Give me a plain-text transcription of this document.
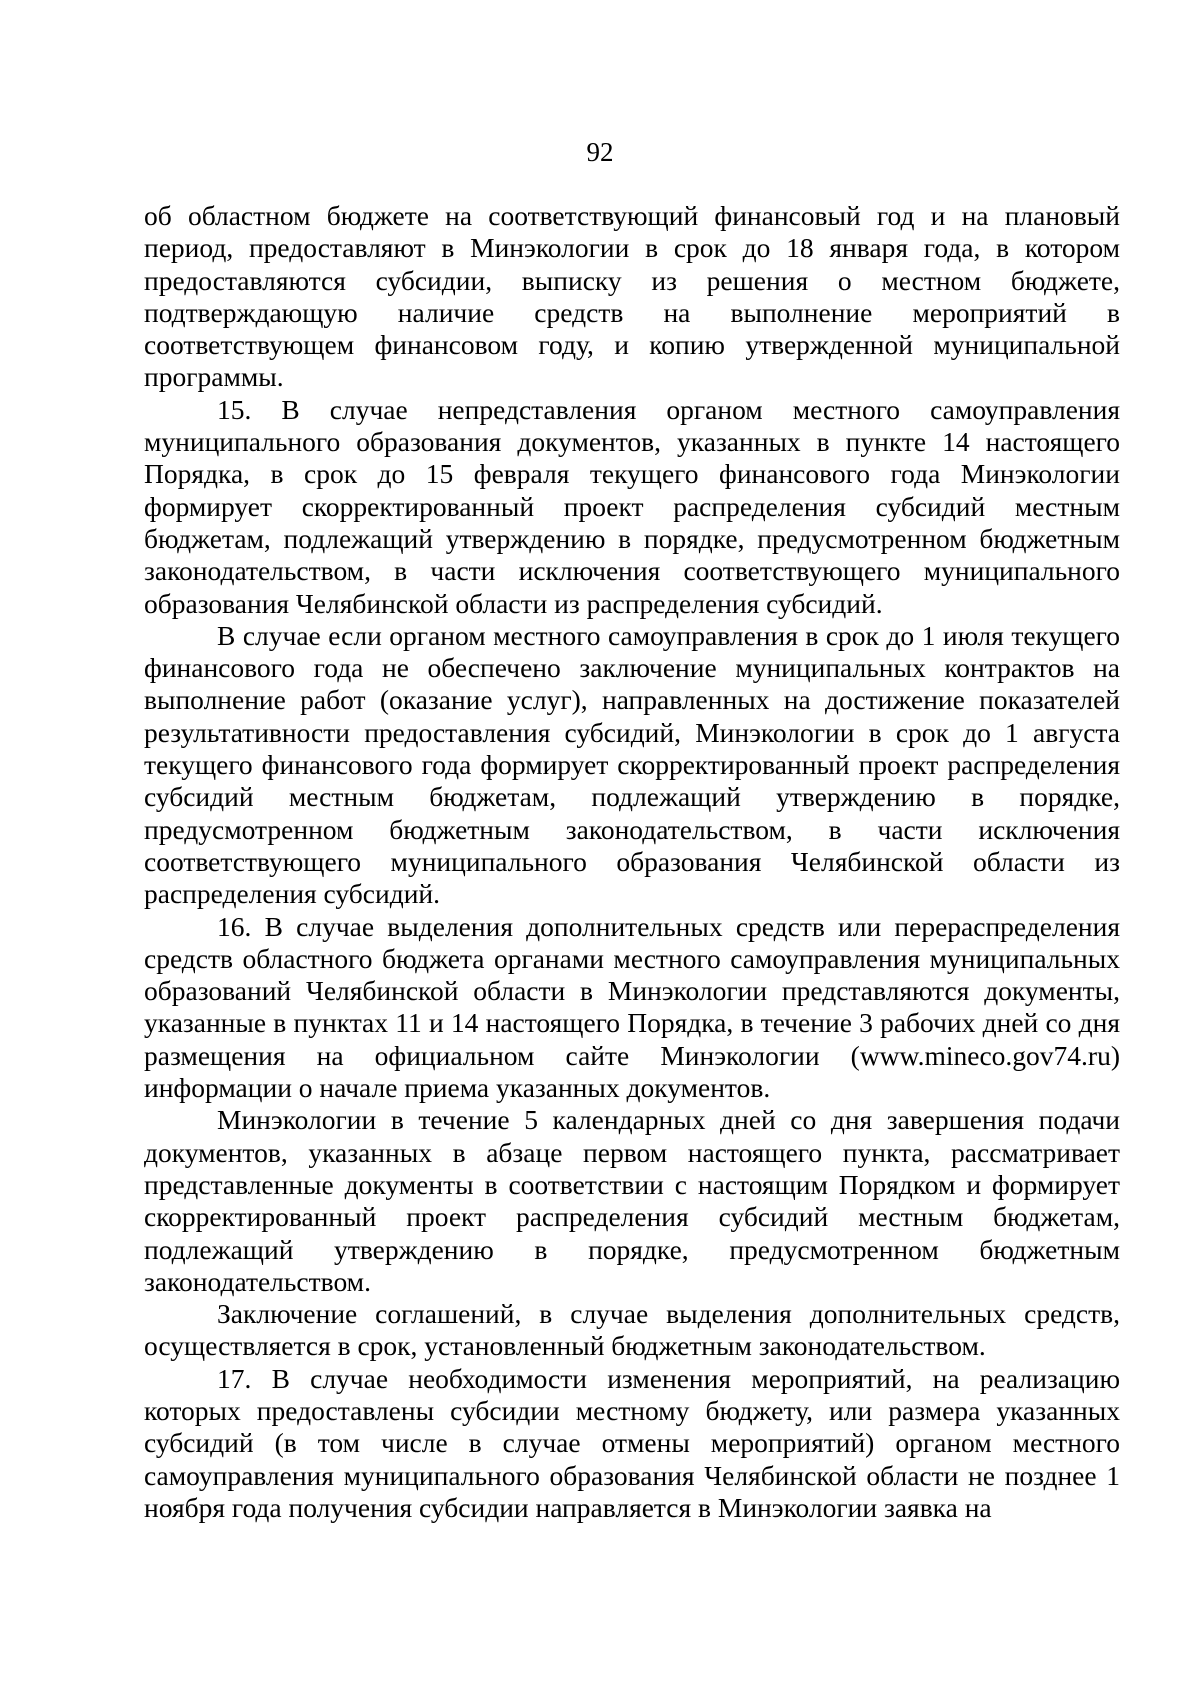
92

об областном бюджете на соответствующий финансовый год и на плановый период, предоставляют в Минэкологии в срок до 18 января года, в котором предоставляются субсидии, выписку из решения о местном бюджете, подтверждающую наличие средств на выполнение мероприятий в соответствующем финансовом году, и копию утвержденной муниципальной программы.

15. В случае непредставления органом местного самоуправления муниципального образования документов, указанных в пункте 14 настоящего Порядка, в срок до 15 февраля текущего финансового года Минэкологии формирует скорректированный проект распределения субсидий местным бюджетам, подлежащий утверждению в порядке, предусмотренном бюджетным законодательством, в части исключения соответствующего муниципального образования Челябинской области из распределения субсидий.

В случае если органом местного самоуправления в срок до 1 июля текущего финансового года не обеспечено заключение муниципальных контрактов на выполнение работ (оказание услуг), направленных на достижение показателей результативности предоставления субсидий, Минэкологии в срок до 1 августа текущего финансового года формирует скорректированный проект распределения субсидий местным бюджетам, подлежащий утверждению в порядке, предусмотренном бюджетным законодательством, в части исключения соответствующего муниципального образования Челябинской области из распределения субсидий.

16. В случае выделения дополнительных средств или перераспределения средств областного бюджета органами местного самоуправления муниципальных образований Челябинской области в Минэкологии представляются документы, указанные в пунктах 11 и 14 настоящего Порядка, в течение 3 рабочих дней со дня размещения на официальном сайте Минэкологии (www.mineco.gov74.ru) информации о начале приема указанных документов.

Минэкологии в течение 5 календарных дней со дня завершения подачи документов, указанных в абзаце первом настоящего пункта, рассматривает представленные документы в соответствии с настоящим Порядком и формирует скорректированный проект распределения субсидий местным бюджетам, подлежащий утверждению в порядке, предусмотренном бюджетным законодательством.

Заключение соглашений, в случае выделения дополнительных средств, осуществляется в срок, установленный бюджетным законодательством.

17. В случае необходимости изменения мероприятий, на реализацию которых предоставлены субсидии местному бюджету, или размера указанных субсидий (в том числе в случае отмены мероприятий) органом местного самоуправления муниципального образования Челябинской области не позднее 1 ноября года получения субсидии направляется в Минэкологии заявка на
